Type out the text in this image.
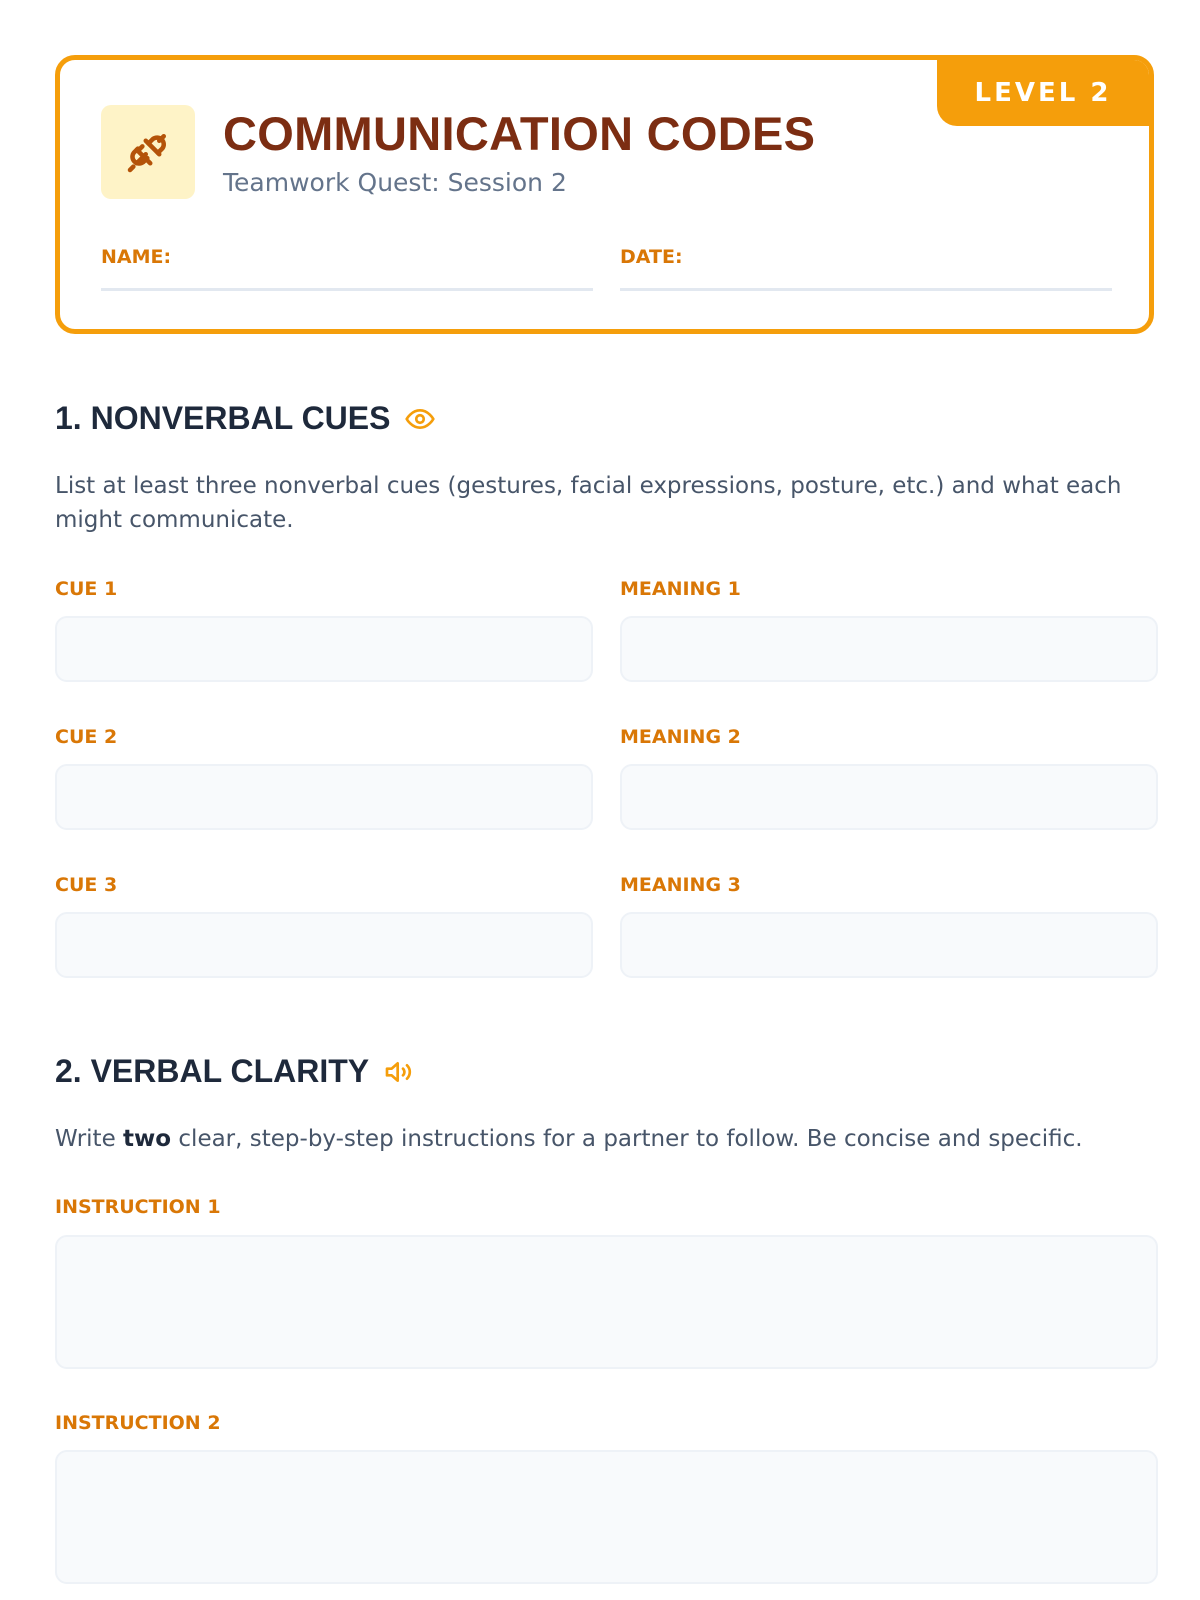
LEVEL 2
COMMUNICATION CODES
Teamwork Quest: Session 2
NAME:	DATE:
1. NONVERBAL CUES
List at least three nonverbal cues (gestures, facial expressions, posture, etc.) and what each might communicate.
CUE 1	MEANING 1
CUE 2	MEANING 2
CUE 3	MEANING 3
2. VERBAL CLARITY
Write two clear, step-by-step instructions for a partner to follow. Be concise and specific.
INSTRUCTION 1
INSTRUCTION 2
